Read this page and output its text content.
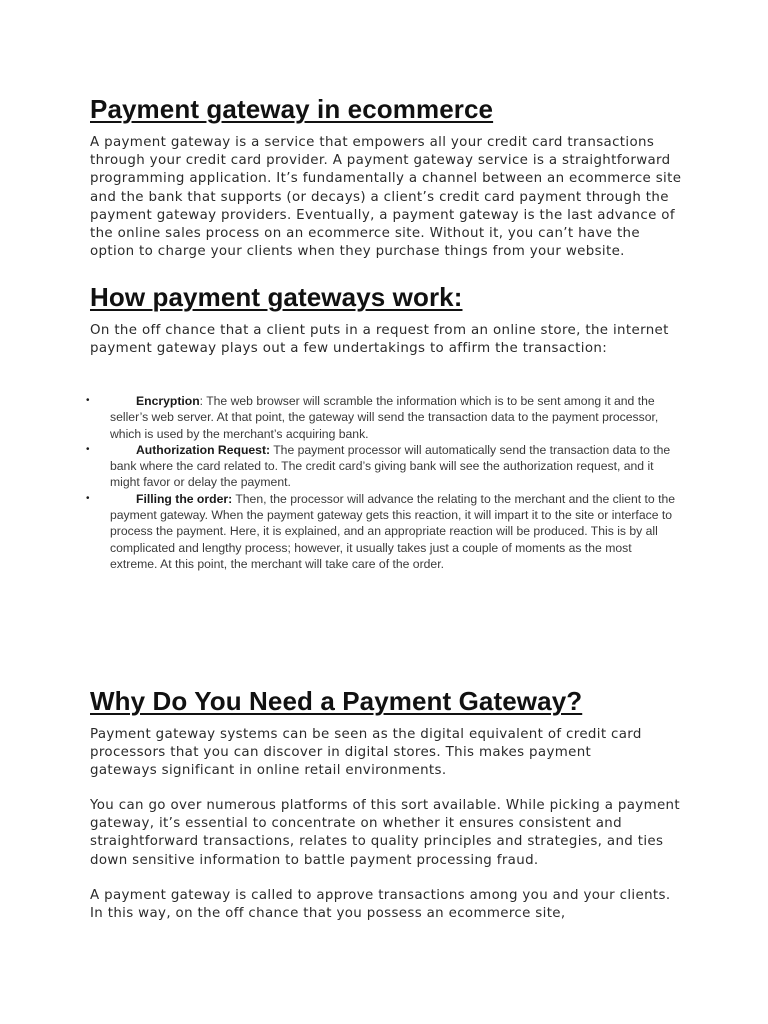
Payment gateway in ecommerce

A payment gateway is a service that empowers all your credit card transactions through your credit card provider. A payment gateway service is a straightforward programming application. It’s fundamentally a channel between an ecommerce site and the bank that supports (or decays) a client’s credit card payment through the payment gateway providers. Eventually, a payment gateway is the last advance of the online sales process on an ecommerce site. Without it, you can’t have the option to charge your clients when they purchase things from your website.

How payment gateways work:

On the off chance that a client puts in a request from an online store, the internet payment gateway plays out a few undertakings to affirm the transaction:

•	Encryption: The web browser will scramble the information which is to be sent among it and the seller’s web server. At that point, the gateway will send the transaction data to the payment processor, which is used by the merchant’s acquiring bank.
•	Authorization Request: The payment processor will automatically send the transaction data to the bank where the card related to. The credit card’s giving bank will see the authorization request, and it might favor or delay the payment.
•	Filling the order: Then, the processor will advance the relating to the merchant and the client to the payment gateway. When the payment gateway gets this reaction, it will impart it to the site or interface to process the payment. Here, it is explained, and an appropriate reaction will be produced. This is by all complicated and lengthy process; however, it usually takes just a couple of moments as the most extreme. At this point, the merchant will take care of the order.
Why Do You Need a Payment Gateway?

Payment gateway systems can be seen as the digital equivalent of credit card processors that you can discover in digital stores. This makes payment gateways significant in online retail environments.

You can go over numerous platforms of this sort available. While picking a payment gateway, it’s essential to concentrate on whether it ensures consistent and straightforward transactions, relates to quality principles and strategies, and ties down sensitive information to battle payment processing fraud.

A payment gateway is called to approve transactions among you and your clients. In this way, on the off chance that you possess an ecommerce site,
